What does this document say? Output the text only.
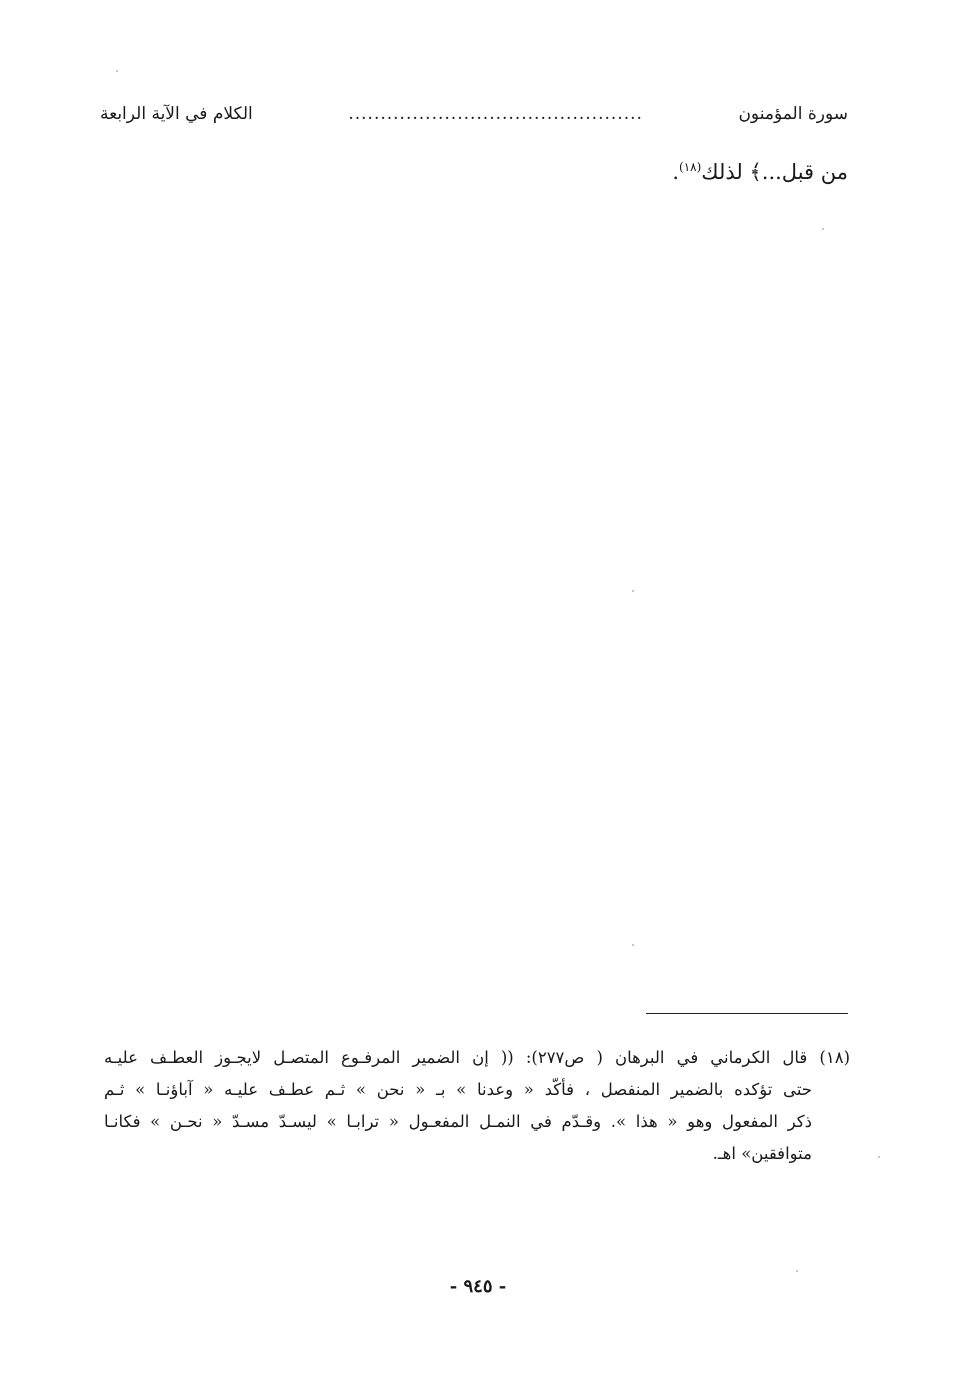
سورة المؤمنون
..............................................
الكلام في الآية الرابعة
من قبل...﴾ لذلك$^{(١٨)}$.
(١٨) قال الكرماني في البرهان ( ص٢٧٧): (( إن الضمير المرفـوع المتصـل لايجـوز العطـف عليـه
حتى تؤكده بالضمير المنفصل ، فأكّد « وعدنا » بـ « نحن » ثـم عطـف عليـه « آباؤنـا » ثـم
ذكر المفعول وهو « هذا ». وقـدّم في النمـل المفعـول « ترابـا » ليسـدّ مسـدّ « نحـن » فكانـا
متوافقين» اهـ.
- ٩٤٥ -
